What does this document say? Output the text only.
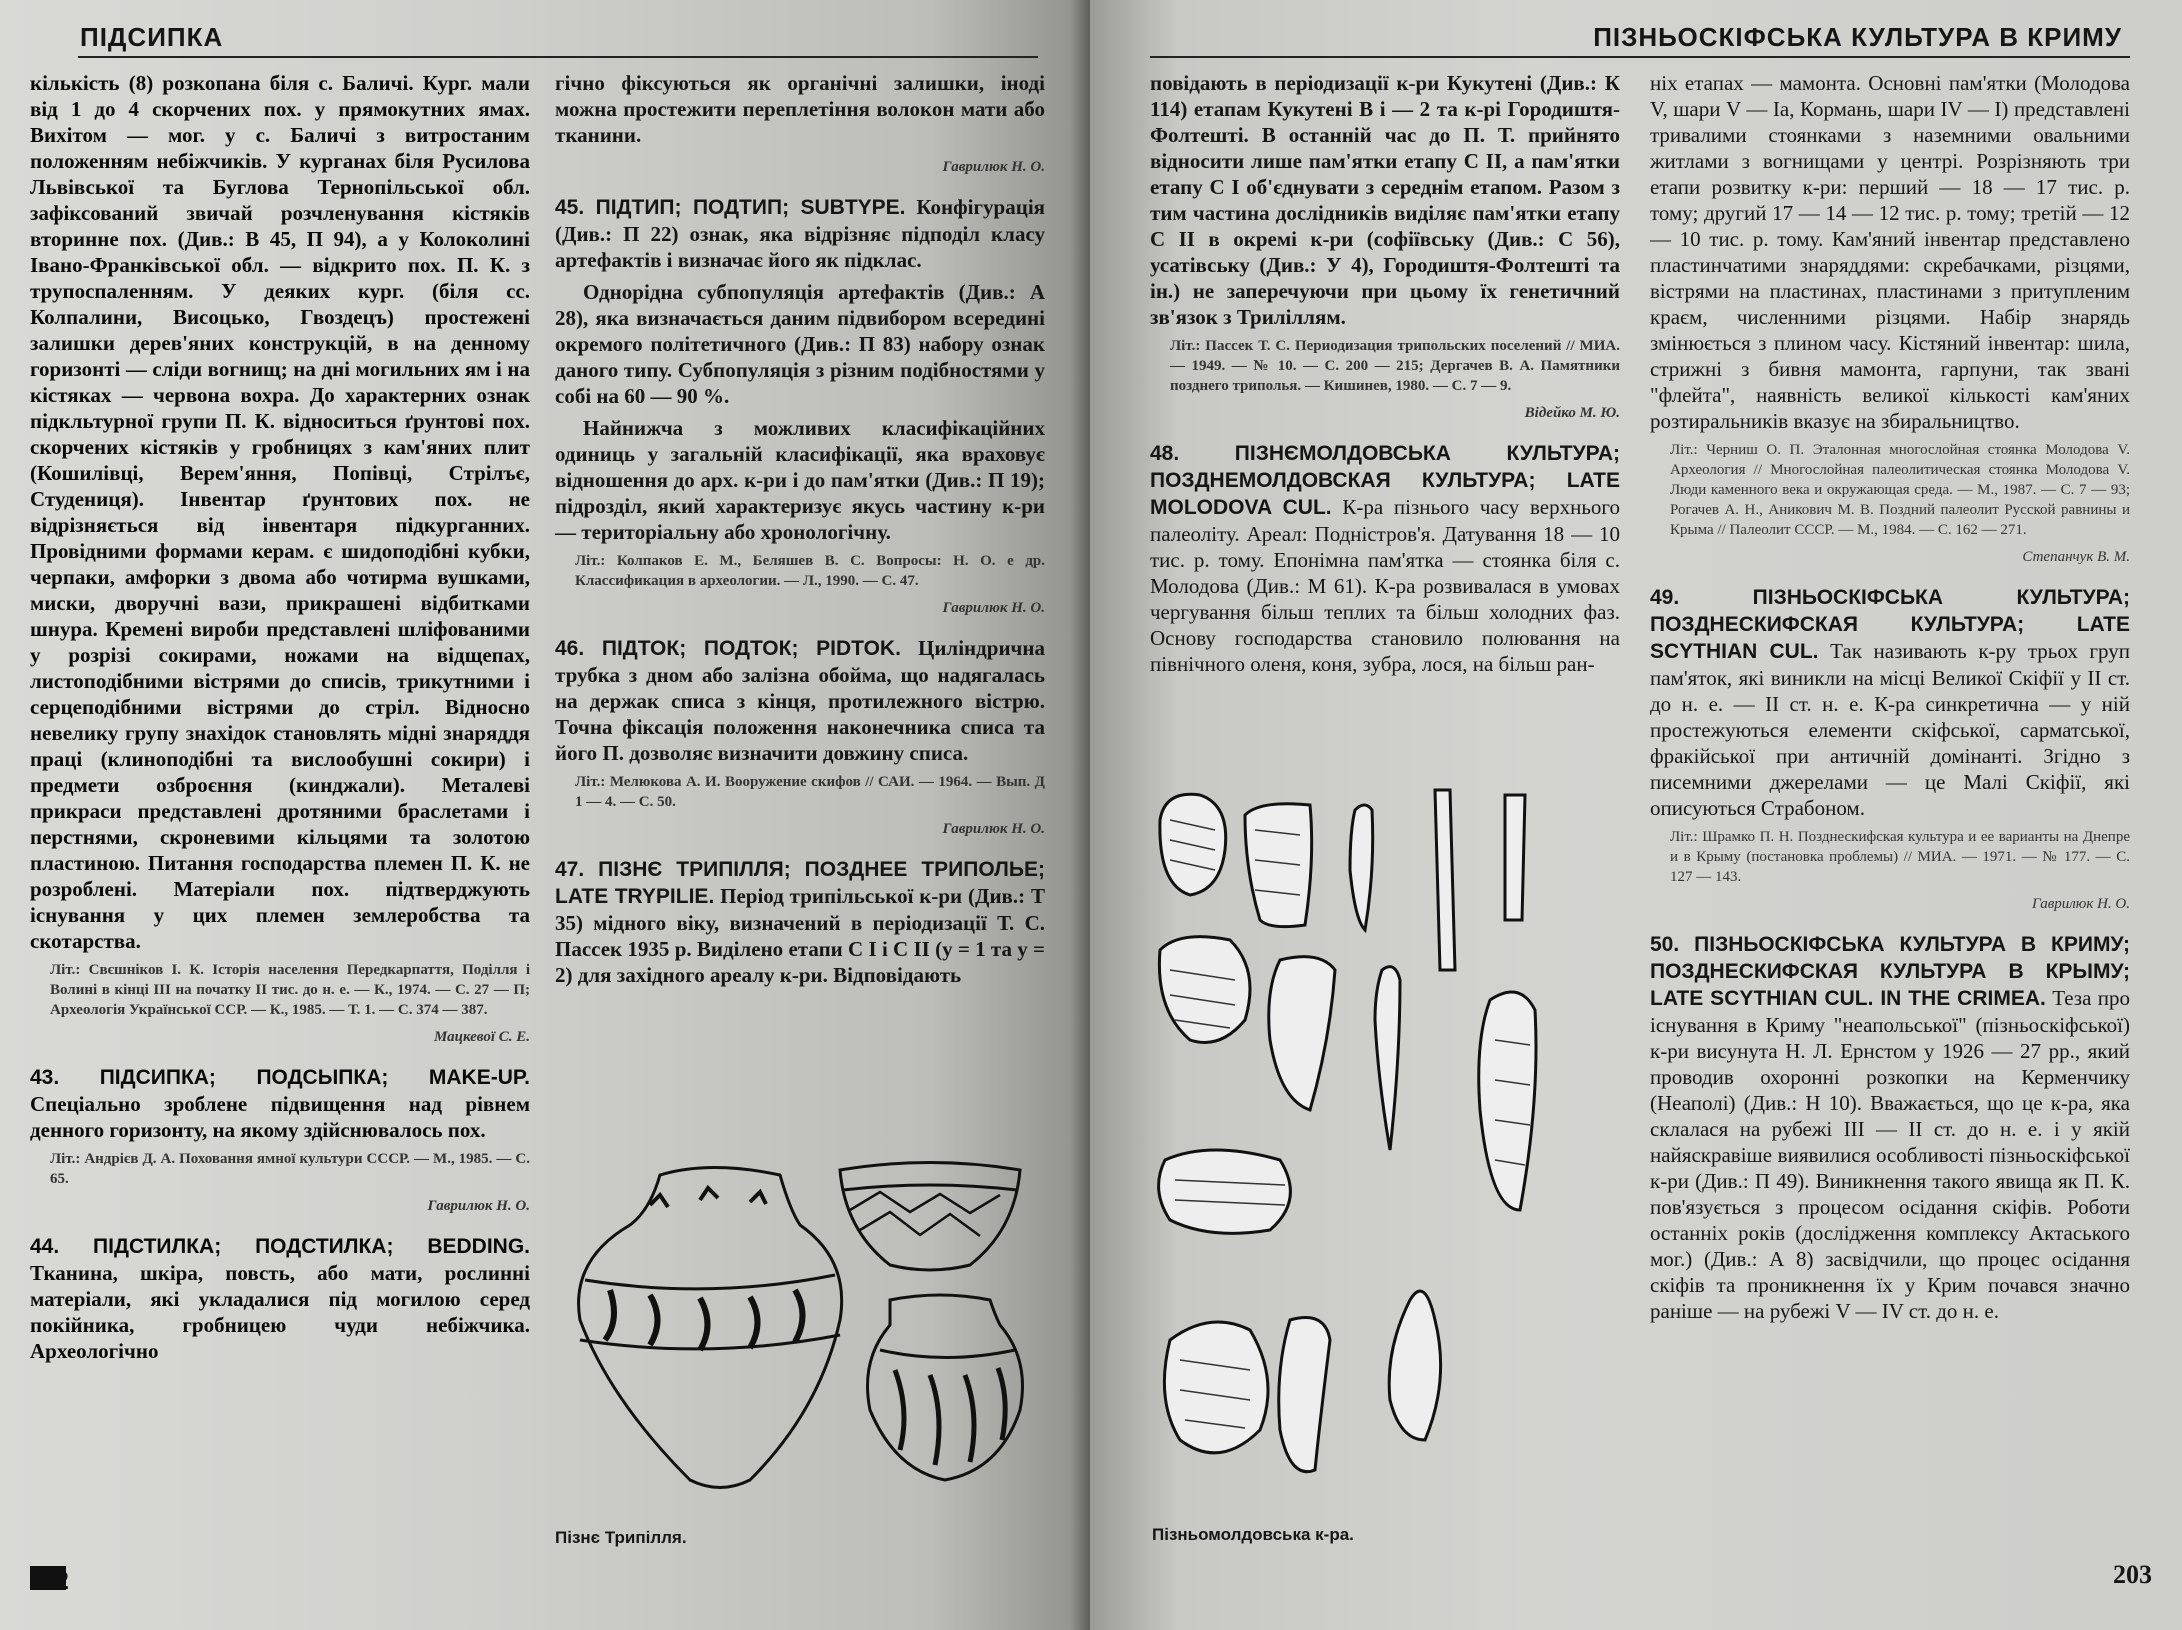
ПІДСИПКА

кількість (8) розкопана біля с. Баличі. Кург. мали від 1 до 4 скорчених пох. у прямокутних ямах. Вихітом — мог. у с. Баличі з витростаним положенням небіжчиків. У курганах біля Русилова Львівської та Буглова Тернопільської обл. зафіксований звичай розчленування кістяків вторинне пох. (Див.: В 45, П 94), а у Колоколині Івано-Франківської обл. — відкрито пох. П. К. з трупоспаленням. У деяких кург. (біля сс. Колпалини, Висоцько, Гвоздецъ) простежені залишки дерев'яних конструкцій, в на денному горизонті — сліди вогнищ; на дні могильних ям і на кістяках — червона вохра. До характерних ознак підкльтурної групи П. К. відноситься ґрунтові пох. скорчених кістяків у гробницях з кам'яних плит (Кошилівці, Верем'яння, Попівці, Стрілъє, Студениця). Інвентар ґрунтових пох. не відрізняється від інвентаря підкурганних. Провідними формами керам. є шидоподібні кубки, черпаки, амфорки з двома або чотирма вушками, миски, дворучні вази, прикрашені відбитками шнура. Кремені вироби представлені шліфованими у розрізі сокирами, ножами на відщепах, листоподібними вістрями до списів, трикутними і серцеподібними вістрями до стріл. Відносно невелику групу знахідок становлять мідні знаряддя праці (клиноподібні та вислообушні сокири) і предмети озброєння (кинджали). Металеві прикраси представлені дротяними браслетами і перстнями, скроневими кільцями та золотою пластиною. Питання господарства племен П. К. не розроблені. Матеріали пох. підтверджують існування у цих племен землеробства та скотарства.

Літ.: Свєшніков І. К. Історія населення Передкарпаття, Поділля і Волині в кінці III на початку II тис. до н. е. — К., 1974. — С. 27 — П; Археологія Української ССР. — К., 1985. — Т. 1. — С. 374 — 387.
Мацкевої С. Е.

43. ПІДСИПКА; ПОДСЫПКА; MAKE-UP. Спеціально зроблене підвищення над рівнем денного горизонту, на якому здійснювалось пох.

Літ.: Андрієв Д. А. Поховання ямної культури СССР. — М., 1985. — С. 65.
Гаврилюк Н. О.

44. ПІДСТИЛКА; ПОДСТИЛКА; BEDDING. Тканина, шкіра, повсть, або мати, рослинні матеріали, які укладалися під могилою серед покійника, гробницею чуди небіжчика. Археологічно

гічно фіксуються як органічні залишки, іноді можна простежити переплетіння волокон мати або тканини.

Гаврилюк Н. О.

45. ПІДТИП; ПОДТИП; SUBTYPE. Конфігурація (Див.: П 22) ознак, яка відрізняє підподіл класу артефактів і визначає його як підклас.

Однорідна субпопуляція артефактів (Див.: А 28), яка визначається даним підвибором всередині окремого політетичного (Див.: П 83) набору ознак даного типу. Субпопуляція з різним подібностями у собі на 60 — 90 %.

Найнижча з можливих класифікаційних одиниць у загальній класифікації, яка враховує відношення до арх. к-ри і до пам'ятки (Див.: П 19); підрозділ, який характеризує якусь частину к-ри — територіальну або хронологічну.

Літ.: Колпаков Е. М., Беляшев В. С. Вопросы: Н. О. е др. Классификация в археологии. — Л., 1990. — С. 47.
Гаврилюк Н. О.

46. ПІДТОК; ПОДТОК; PIDTOK. Циліндрична трубка з дном або залізна обойма, що надягалась на держак списа з кінця, протилежного вістрю. Точна фіксація положення наконечника списа та його П. дозволяє визначити довжину списа.

Літ.: Мелюкова А. И. Вооружение скифов // САИ. — 1964. — Вып. Д 1 — 4. — С. 50.
Гаврилюк Н. О.

47. ПІЗНЄ ТРИПІЛЛЯ; ПОЗДНЕЕ ТРИПОЛЬЕ; LATE TRYPILIE. Період трипільської к-ри (Див.: Т 35) мідного віку, визначений в періодизації Т. С. Пассек 1935 р. Виділено етапи С І і С ІІ (у = 1 та у = 2) для західного ареалу к-ри. Відповідають

Пізнє Трипілля.
202
ПІЗНЬОСКІФСЬКА КУЛЬТУРА В КРИМУ

повідають в періодизації к-ри Кукутені (Див.: К 114) етапам Кукутені В і — 2 та к-рі Городиштя-Фолтешті. В останній час до П. Т. прийнято відносити лише пам'ятки етапу С ІІ, а пам'ятки етапу С І об'єднувати з середнім етапом. Разом з тим частина дослідників виділяє пам'ятки етапу С ІІ в окремі к-ри (софіївську (Див.: С 56), усатівську (Див.: У 4), Городиштя-Фолтешті та ін.) не заперечуючи при цьому їх генетичний зв'язок з Триліллям.

Літ.: Пассек Т. С. Периодизация трипольских поселений // МИА. — 1949. — № 10. — С. 200 — 215; Дергачев В. А. Памятники позднего триполья. — Кишинев, 1980. — С. 7 — 9.
Відейко М. Ю.

48. ПІЗНЄМОЛДОВСЬКА КУЛЬТУРА; ПОЗДНЕМОЛДОВСКАЯ КУЛЬТУРА; LATE MOLODOVA CUL. К-ра пізнього часу верхнього палеоліту. Ареал: Подністров'я. Датування 18 — 10 тис. р. тому. Епонімна пам'ятка — стоянка біля с. Молодова (Див.: М 61). К-ра розвивалася в умовах чергування більш теплих та більш холодних фаз. Основу господарства становило полювання на північного оленя, коня, зубра, лося, на більш ран-

Пізньомолдовська к-ра.

ніх етапах — мамонта. Основні пам'ятки (Молодова V, шари V — Ia, Кормань, шари IV — I) представлені тривалими стоянками з наземними овальними житлами з вогнищами у центрі. Розрізняють три етапи розвитку к-ри: перший — 18 — 17 тис. р. тому; другий 17 — 14 — 12 тис. р. тому; третій — 12 — 10 тис. р. тому. Кам'яний інвентар представлено пластинчатими знаряддями: скребачками, різцями, вістрями на пластинах, пластинами з притупленим краєм, численними різцями. Набір знарядь змінюється з плином часу. Кістяний інвентар: шила, стрижні з бивня мамонта, гарпуни, так звані "флейта", наявність великої кількості кам'яних розтиральників вказує на збиральництво.

Літ.: Черниш О. П. Эталонная многослойная стоянка Молодова V. Археология // Многослойная палеолитическая стоянка Молодова V. Люди каменного века и окружающая среда. — М., 1987. — С. 7 — 93; Рогачев А. Н., Аникович М. В. Поздний палеолит Русской равнины и Крыма // Палеолит СССР. — М., 1984. — С. 162 — 271.
Степанчук В. М.

49. ПІЗНЬОСКІФСЬКА КУЛЬТУРА; ПОЗДНЕСКИФСКАЯ КУЛЬТУРА; LATE SCYTHIAN CUL. Так називають к-ру трьох груп пам'яток, які виникли на місці Великої Скіфії у ІІ ст. до н. е. — ІІ ст. н. е. К-ра синкретична — у ній простежуються елементи скіфської, сарматської, фракійської при античній домінанті. Згідно з писемними джерелами — це Малі Скіфії, які описуються Страбоном.

Літ.: Шрамко П. Н. Позднескифская культура и ее варианты на Днепре и в Крыму (постановка проблемы) // МИА. — 1971. — № 177. — С. 127 — 143.
Гаврилюк Н. О.

50. ПІЗНЬОСКІФСЬКА КУЛЬТУРА В КРИМУ; ПОЗДНЕСКИФСКАЯ КУЛЬТУРА В КРЫМУ; LATE SCYTHIAN CUL. IN THE CRIMEA. Теза про існування в Криму "неапольської" (пізньоскіфської) к-ри висунута Н. Л. Ернстом у 1926 — 27 рр., який проводив охоронні розкопки на Керменчику (Неаполі) (Див.: Н 10). Вважається, що це к-ра, яка склалася на рубежі ІІІ — ІІ ст. до н. е. і у якій найяскравіше виявилися особливості пізньоскіфської к-ри (Див.: П 49). Виникнення такого явища як П. К. пов'язується з процесом осідання скіфів. Роботи останніх років (дослідження комплексу Актаського мог.) (Див.: А 8) засвідчили, що процес осідання скіфів та проникнення їх у Крим почався значно раніше — на рубежі V — IV ст. до н. е.

203
